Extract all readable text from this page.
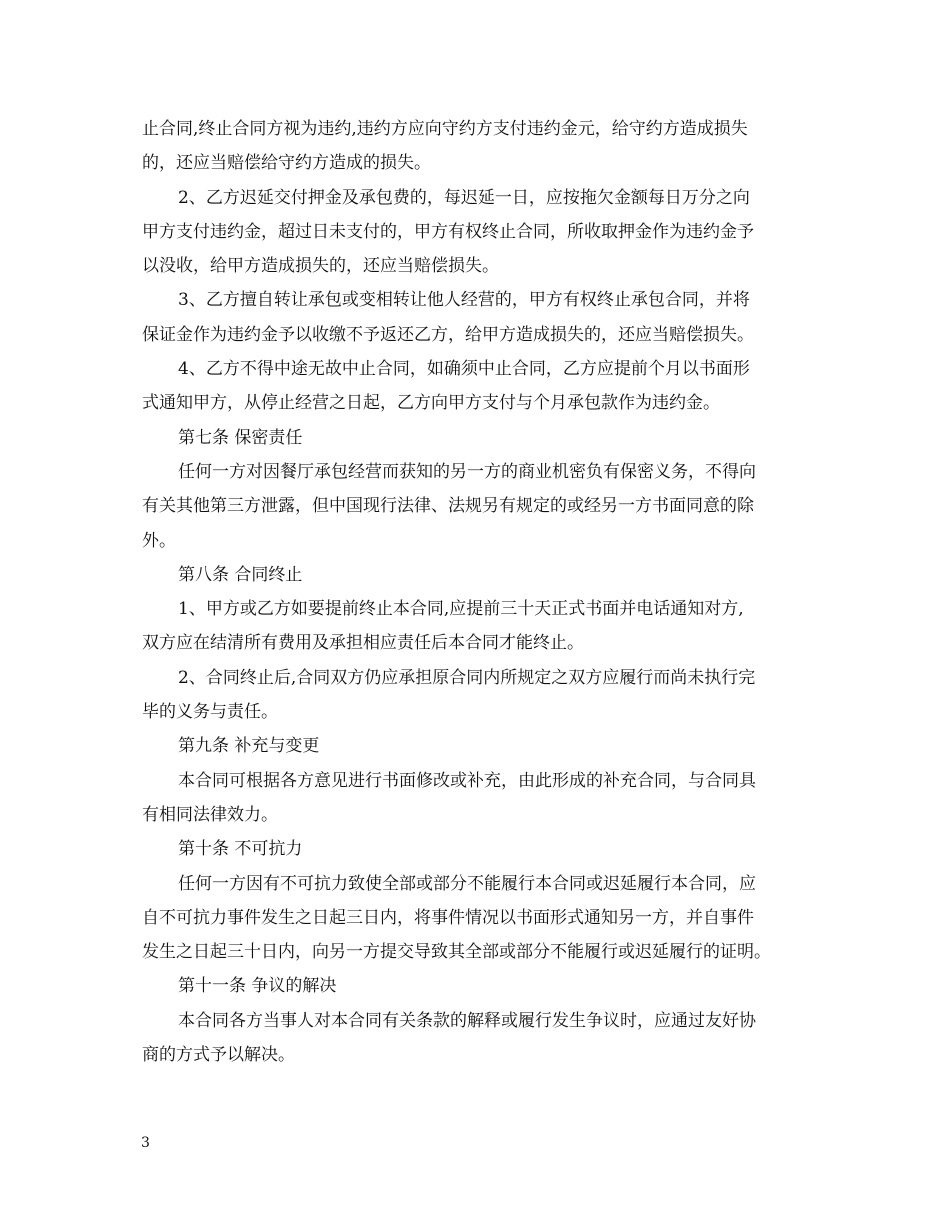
止合同,终止合同方视为违约,违约方应向守约方支付违约金元，给守约方造成损失
的，还应当赔偿给守约方造成的损失。
2、乙方迟延交付押金及承包费的，每迟延一日，应按拖欠金额每日万分之向
甲方支付违约金，超过日未支付的，甲方有权终止合同，所收取押金作为违约金予
以没收，给甲方造成损失的，还应当赔偿损失。
3、乙方擅自转让承包或变相转让他人经营的，甲方有权终止承包合同，并将
保证金作为违约金予以收缴不予返还乙方，给甲方造成损失的，还应当赔偿损失。
4、乙方不得中途无故中止合同，如确须中止合同，乙方应提前个月以书面形
式通知甲方，从停止经营之日起，乙方向甲方支付与个月承包款作为违约金。
第七条 保密责任
任何一方对因餐厅承包经营而获知的另一方的商业机密负有保密义务，不得向
有关其他第三方泄露，但中国现行法律、法规另有规定的或经另一方书面同意的除
外。
第八条 合同终止
1、甲方或乙方如要提前终止本合同,应提前三十天正式书面并电话通知对方,
双方应在结清所有费用及承担相应责任后本合同才能终止。
2、合同终止后,合同双方仍应承担原合同内所规定之双方应履行而尚未执行完
毕的义务与责任。
第九条 补充与变更
本合同可根据各方意见进行书面修改或补充，由此形成的补充合同，与合同具
有相同法律效力。
第十条 不可抗力
任何一方因有不可抗力致使全部或部分不能履行本合同或迟延履行本合同，应
自不可抗力事件发生之日起三日内，将事件情况以书面形式通知另一方，并自事件
发生之日起三十日内，向另一方提交导致其全部或部分不能履行或迟延履行的证明。
第十一条 争议的解决
本合同各方当事人对本合同有关条款的解释或履行发生争议时，应通过友好协
商的方式予以解决。
3
